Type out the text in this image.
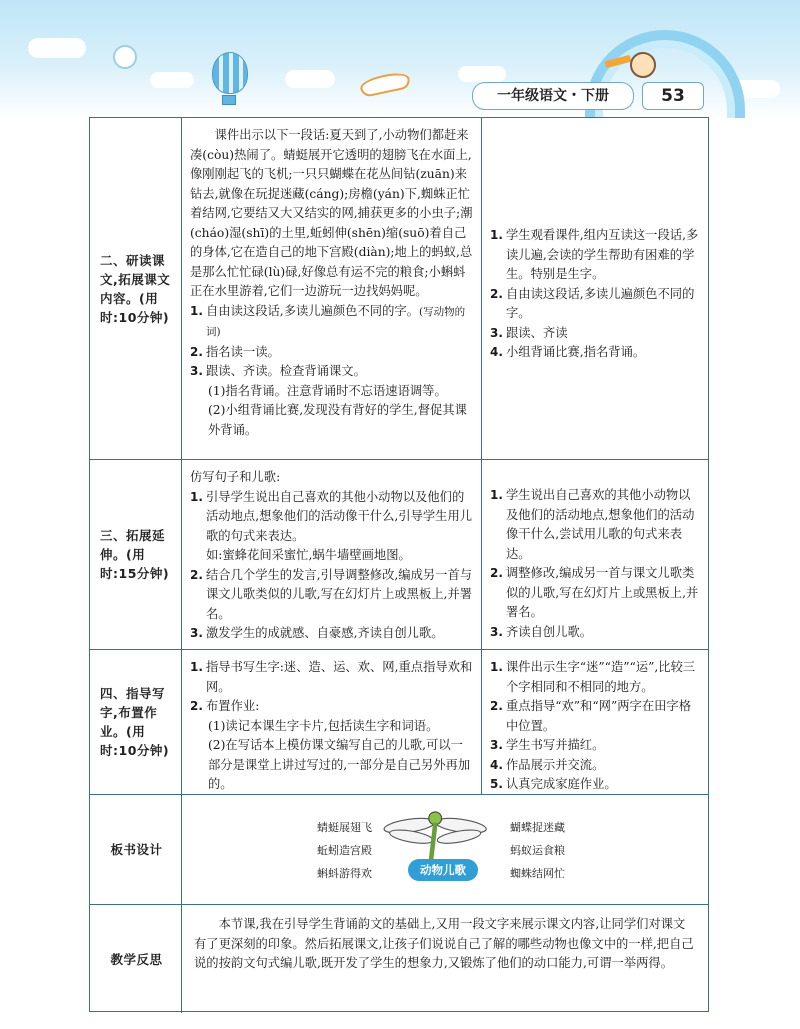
一年级语文・下册	53
二、研读课文,拓展课文内容。(用时:10分钟)

课件出示以下一段话:夏天到了,小动物们都赶来凑(còu)热闹了。蜻蜓展开它透明的翅膀飞在水面上,像刚刚起飞的飞机;一只只蝴蝶在花丛间钻(zuān)来钻去,就像在玩捉迷藏(cáng);房檐(yán)下,蜘蛛正忙着结网,它要结又大又结实的网,捕获更多的小虫子;潮(cháo)湿(shī)的土里,蚯蚓伸(shēn)缩(suō)着自己的身体,它在造自己的地下宫殿(diàn);地上的蚂蚁,总是那么忙忙碌(lù)碌,好像总有运不完的粮食;小蝌蚪正在水里游着,它们一边游玩一边找妈妈呢。

1. 自由读这段话,多读儿遍颜色不同的字。(写动物的词)
2. 指名读一读。
3. 跟读、齐读。检查背诵课文。

(1)指名背诵。注意背诵时不忘语速语调等。

(2)小组背诵比赛,发现没有背好的学生,督促其课外背诵。

1. 学生观看课件,组内互读这一段话,多读儿遍,会读的学生帮助有困难的学生。特别是生字。
2. 自由读这段话,多读儿遍颜色不同的字。
3. 跟读、齐读
4. 小组背诵比赛,指名背诵。
三、拓展延伸。(用时:15分钟)

仿写句子和儿歌:

1. 引导学生说出自己喜欢的其他小动物以及他们的活动地点,想象他们的活动像干什么,引导学生用儿歌的句式来表达。
如:蜜蜂花间采蜜忙,蜗牛墙壁画地图。
2. 结合几个学生的发言,引导调整修改,编成另一首与课文儿歌类似的儿歌,写在幻灯片上或黑板上,并署名。
3. 激发学生的成就感、自豪感,齐读自创儿歌。
1. 学生说出自己喜欢的其他小动物以及他们的活动地点,想象他们的活动像干什么,尝试用儿歌的句式来表达。
2. 调整修改,编成另一首与课文儿歌类似的儿歌,写在幻灯片上或黑板上,并署名。
3. 齐读自创儿歌。
四、指导写字,布置作业。(用时:10分钟)
1. 指导书写生字:迷、造、运、欢、网,重点指导欢和网。
2. 布置作业:

(1)读记本课生字卡片,包括读生字和词语。

(2)在写话本上模仿课文编写自己的儿歌,可以一部分是课堂上讲过写过的,一部分是自己另外再加的。

1. 课件出示生字“迷”“造”“运”,比较三个字相同和不相同的地方。
2. 重点指导“欢”和“网”两字在田字格中位置。
3. 学生书写并描红。
4. 作品展示并交流。
5. 认真完成家庭作业。
板书设计
蜻蜓展翅飞
蚯蚓造宫殿
蝌蚪游得欢
蝴蝶捉迷藏
蚂蚁运食粮
蜘蛛结网忙
动物儿歌
教学反思

本节课,我在引导学生背诵韵文的基础上,又用一段文字来展示课文内容,让同学们对课文有了更深刻的印象。然后拓展课文,让孩子们说说自己了解的哪些动物也像文中的一样,把自己说的按韵文句式编儿歌,既开发了学生的想象力,又锻炼了他们的动口能力,可谓一举两得。
